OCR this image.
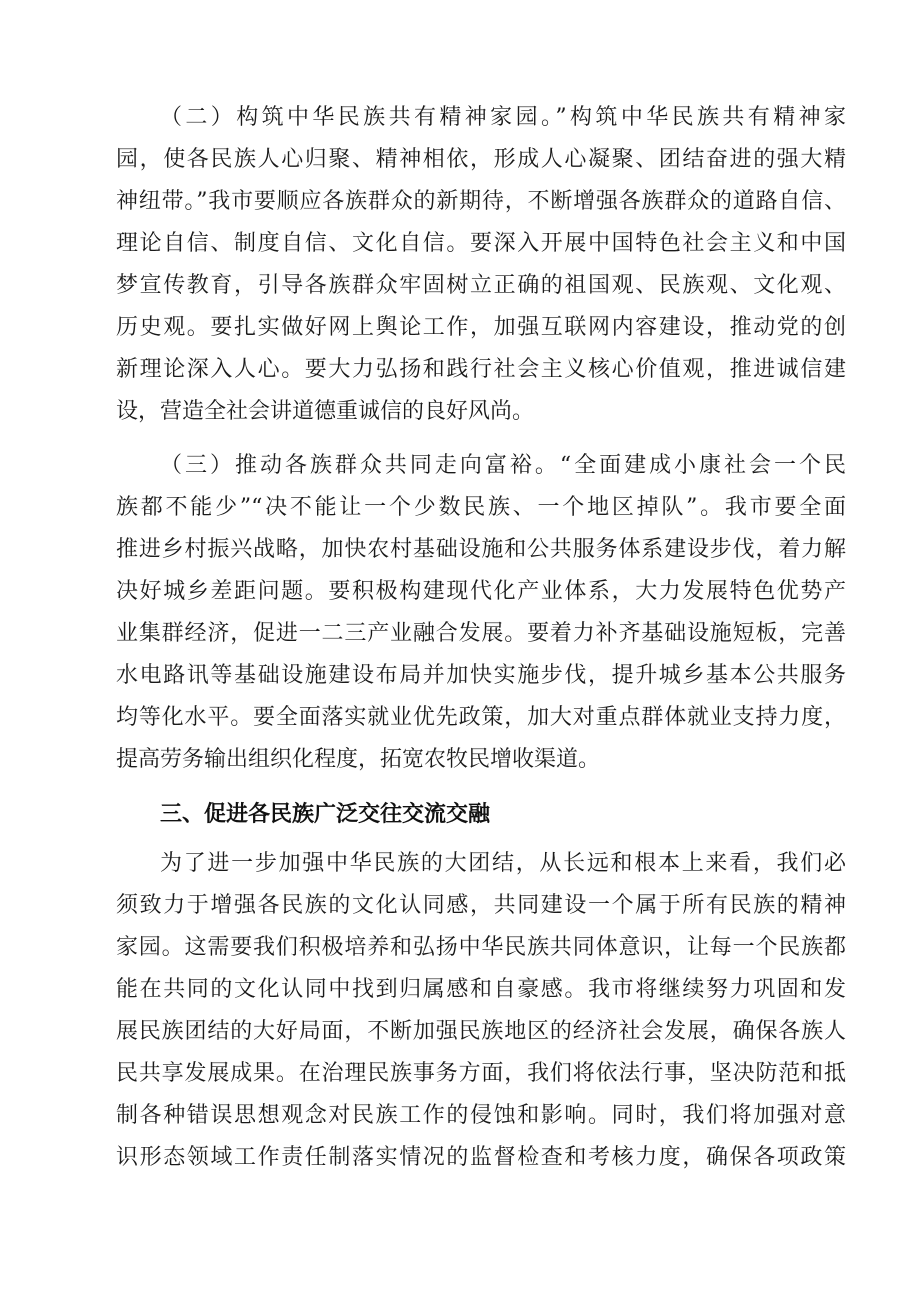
（二）构筑中华民族共有精神家园。”构筑中华民族共有精神家
园，使各民族人心归聚、精神相依，形成人心凝聚、团结奋进的强大精
神纽带。”我市要顺应各族群众的新期待，不断增强各族群众的道路自信、
理论自信、制度自信、文化自信。要深入开展中国特色社会主义和中国
梦宣传教育，引导各族群众牢固树立正确的祖国观、民族观、文化观、
历史观。要扎实做好网上舆论工作，加强互联网内容建设，推动党的创
新理论深入人心。要大力弘扬和践行社会主义核心价值观，推进诚信建
设，营造全社会讲道德重诚信的良好风尚。
（三）推动各族群众共同走向富裕。“全面建成小康社会一个民
族都不能少”“决不能让一个少数民族、一个地区掉队”。我市要全面
推进乡村振兴战略，加快农村基础设施和公共服务体系建设步伐，着力解
决好城乡差距问题。要积极构建现代化产业体系，大力发展特色优势产
业集群经济，促进一二三产业融合发展。要着力补齐基础设施短板，完善
水电路讯等基础设施建设布局并加快实施步伐，提升城乡基本公共服务
均等化水平。要全面落实就业优先政策，加大对重点群体就业支持力度，
提高劳务输出组织化程度，拓宽农牧民增收渠道。
三、促进各民族广泛交往交流交融
为了进一步加强中华民族的大团结，从长远和根本上来看，我们必
须致力于增强各民族的文化认同感，共同建设一个属于所有民族的精神
家园。这需要我们积极培养和弘扬中华民族共同体意识，让每一个民族都
能在共同的文化认同中找到归属感和自豪感。我市将继续努力巩固和发
展民族团结的大好局面，不断加强民族地区的经济社会发展，确保各族人
民共享发展成果。在治理民族事务方面，我们将依法行事，坚决防范和抵
制各种错误思想观念对民族工作的侵蚀和影响。同时，我们将加强对意
识形态领域工作责任制落实情况的监督检查和考核力度，确保各项政策
